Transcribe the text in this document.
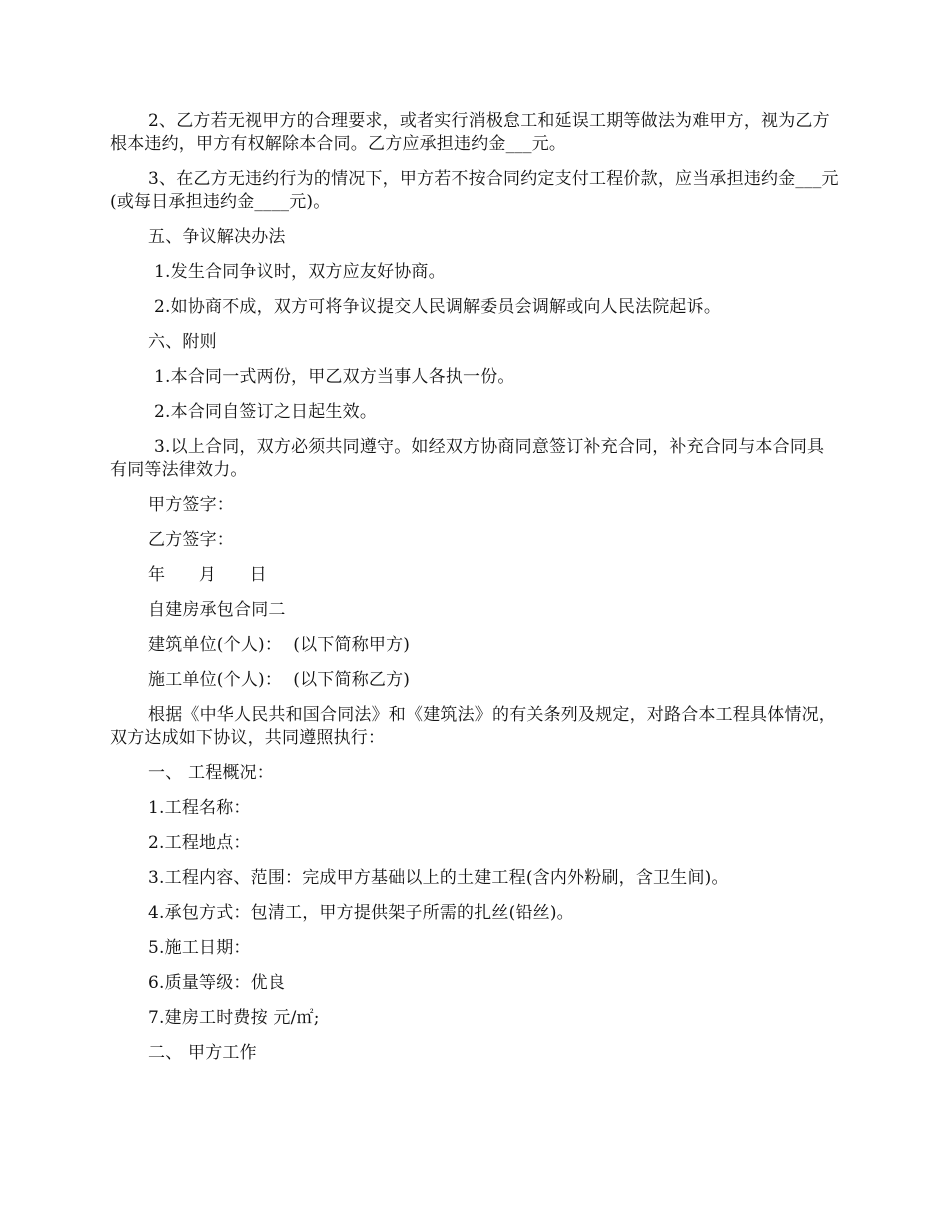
2、乙方若无视甲方的合理要求，或者实行消极怠工和延误工期等做法为难甲方，视为乙方根本违约，甲方有权解除本合同。乙方应承担违约金___元。

3、在乙方无违约行为的情况下，甲方若不按合同约定支付工程价款，应当承担违约金___元(或每日承担违约金____元)。

五、争议解决办法

1.发生合同争议时，双方应友好协商。

2.如协商不成，双方可将争议提交人民调解委员会调解或向人民法院起诉。

六、附则

1.本合同一式两份，甲乙双方当事人各执一份。

2.本合同自签订之日起生效。

3.以上合同，双方必须共同遵守。如经双方协商同意签订补充合同，补充合同与本合同具有同等法律效力。

甲方签字：

乙方签字：

年      月      日

自建房承包合同二

建筑单位(个人)：  (以下简称甲方)

施工单位(个人)：  (以下简称乙方)

根据《中华人民共和国合同法》和《建筑法》的有关条列及规定，对路合本工程具体情况，双方达成如下协议，共同遵照执行：

一、 工程概况：

1.工程名称：

2.工程地点：

3.工程内容、范围：完成甲方基础以上的土建工程(含内外粉刷，含卫生间)。

4.承包方式：包清工，甲方提供架子所需的扎丝(铅丝)。

5.施工日期：

6.质量等级：优良

7.建房工时费按 元/㎡;

二、 甲方工作
